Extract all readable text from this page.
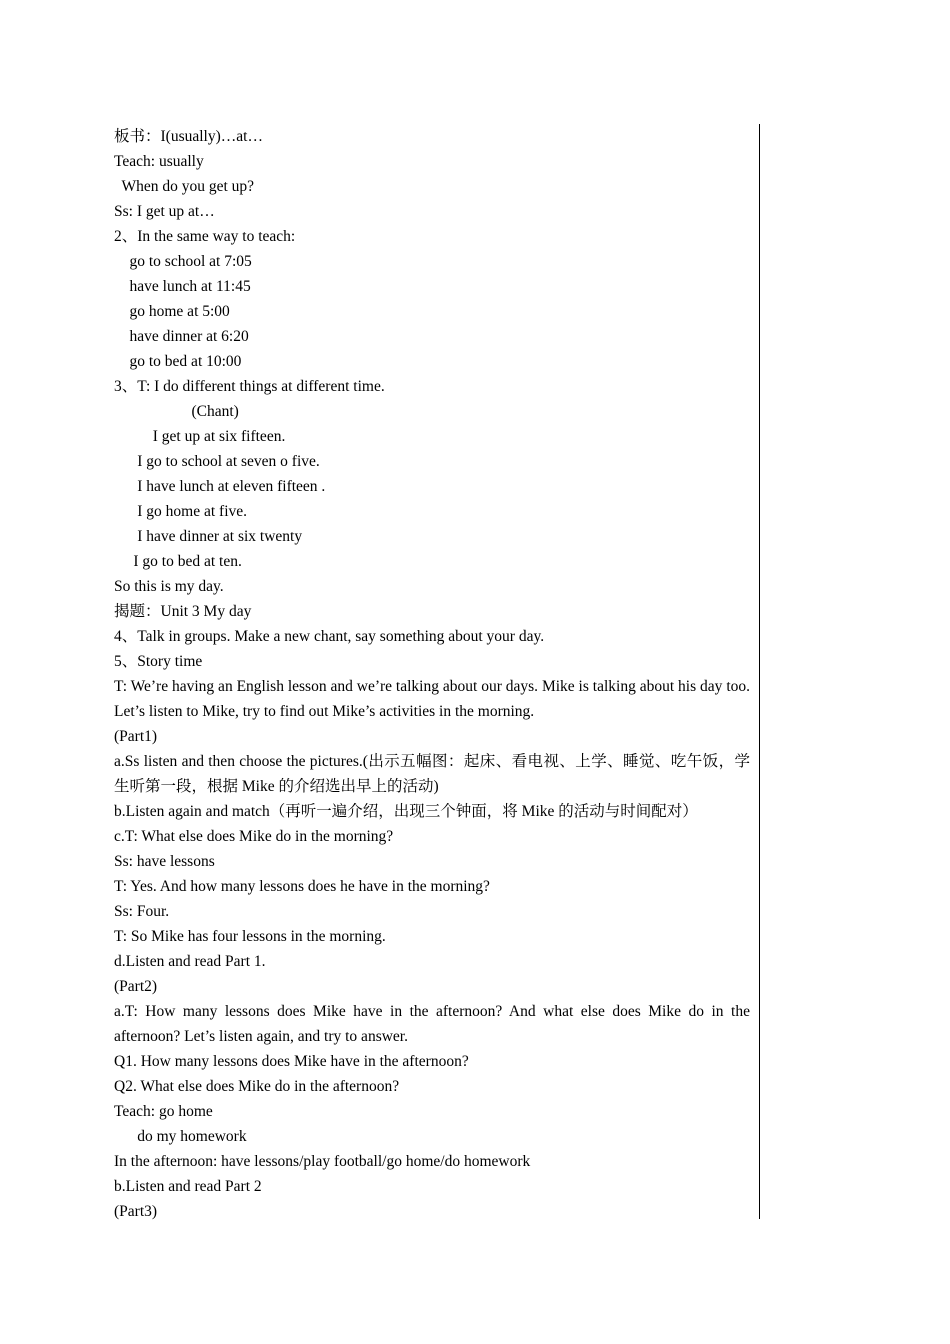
板书：I(usually)…at…
Teach: usually
When do you get up?
Ss: I get up at…
2、In the same way to teach:
go to school at 7:05
have lunch at 11:45
go home at 5:00
have dinner at 6:20
go to bed at 10:00
3、T: I do different things at different time.
(Chant)
I get up at six fifteen.
I go to school at seven o five.
I have lunch at eleven fifteen .
I go home at five.
I have dinner at six twenty
I go to bed at ten.
So this is my day.
揭题：Unit 3 My day
4、Talk in groups. Make a new chant, say something about your day.
5、Story time
T: We’re having an English lesson and we’re talking about our days. Mike is talking about his day too. Let’s listen to Mike, try to find out Mike’s activities in the morning.
(Part1)
a.Ss listen and then choose the pictures.(出示五幅图：起床、看电视、上学、睡觉、吃午饭，学生听第一段，根据 Mike 的介绍选出早上的活动)
b.Listen again and match（再听一遍介绍，出现三个钟面，将 Mike 的活动与时间配对）
c.T: What else does Mike do in the morning?
Ss: have lessons
T: Yes. And how many lessons does he have in the morning?
Ss: Four.
T: So Mike has four lessons in the morning.
d.Listen and read Part 1.
(Part2)
a.T: How many lessons does Mike have in the afternoon? And what else does Mike do in the afternoon? Let’s listen again, and try to answer.
Q1. How many lessons does Mike have in the afternoon?
Q2. What else does Mike do in the afternoon?
Teach: go home
do my homework
In the afternoon: have lessons/play football/go home/do homework
b.Listen and read Part 2
(Part3)
